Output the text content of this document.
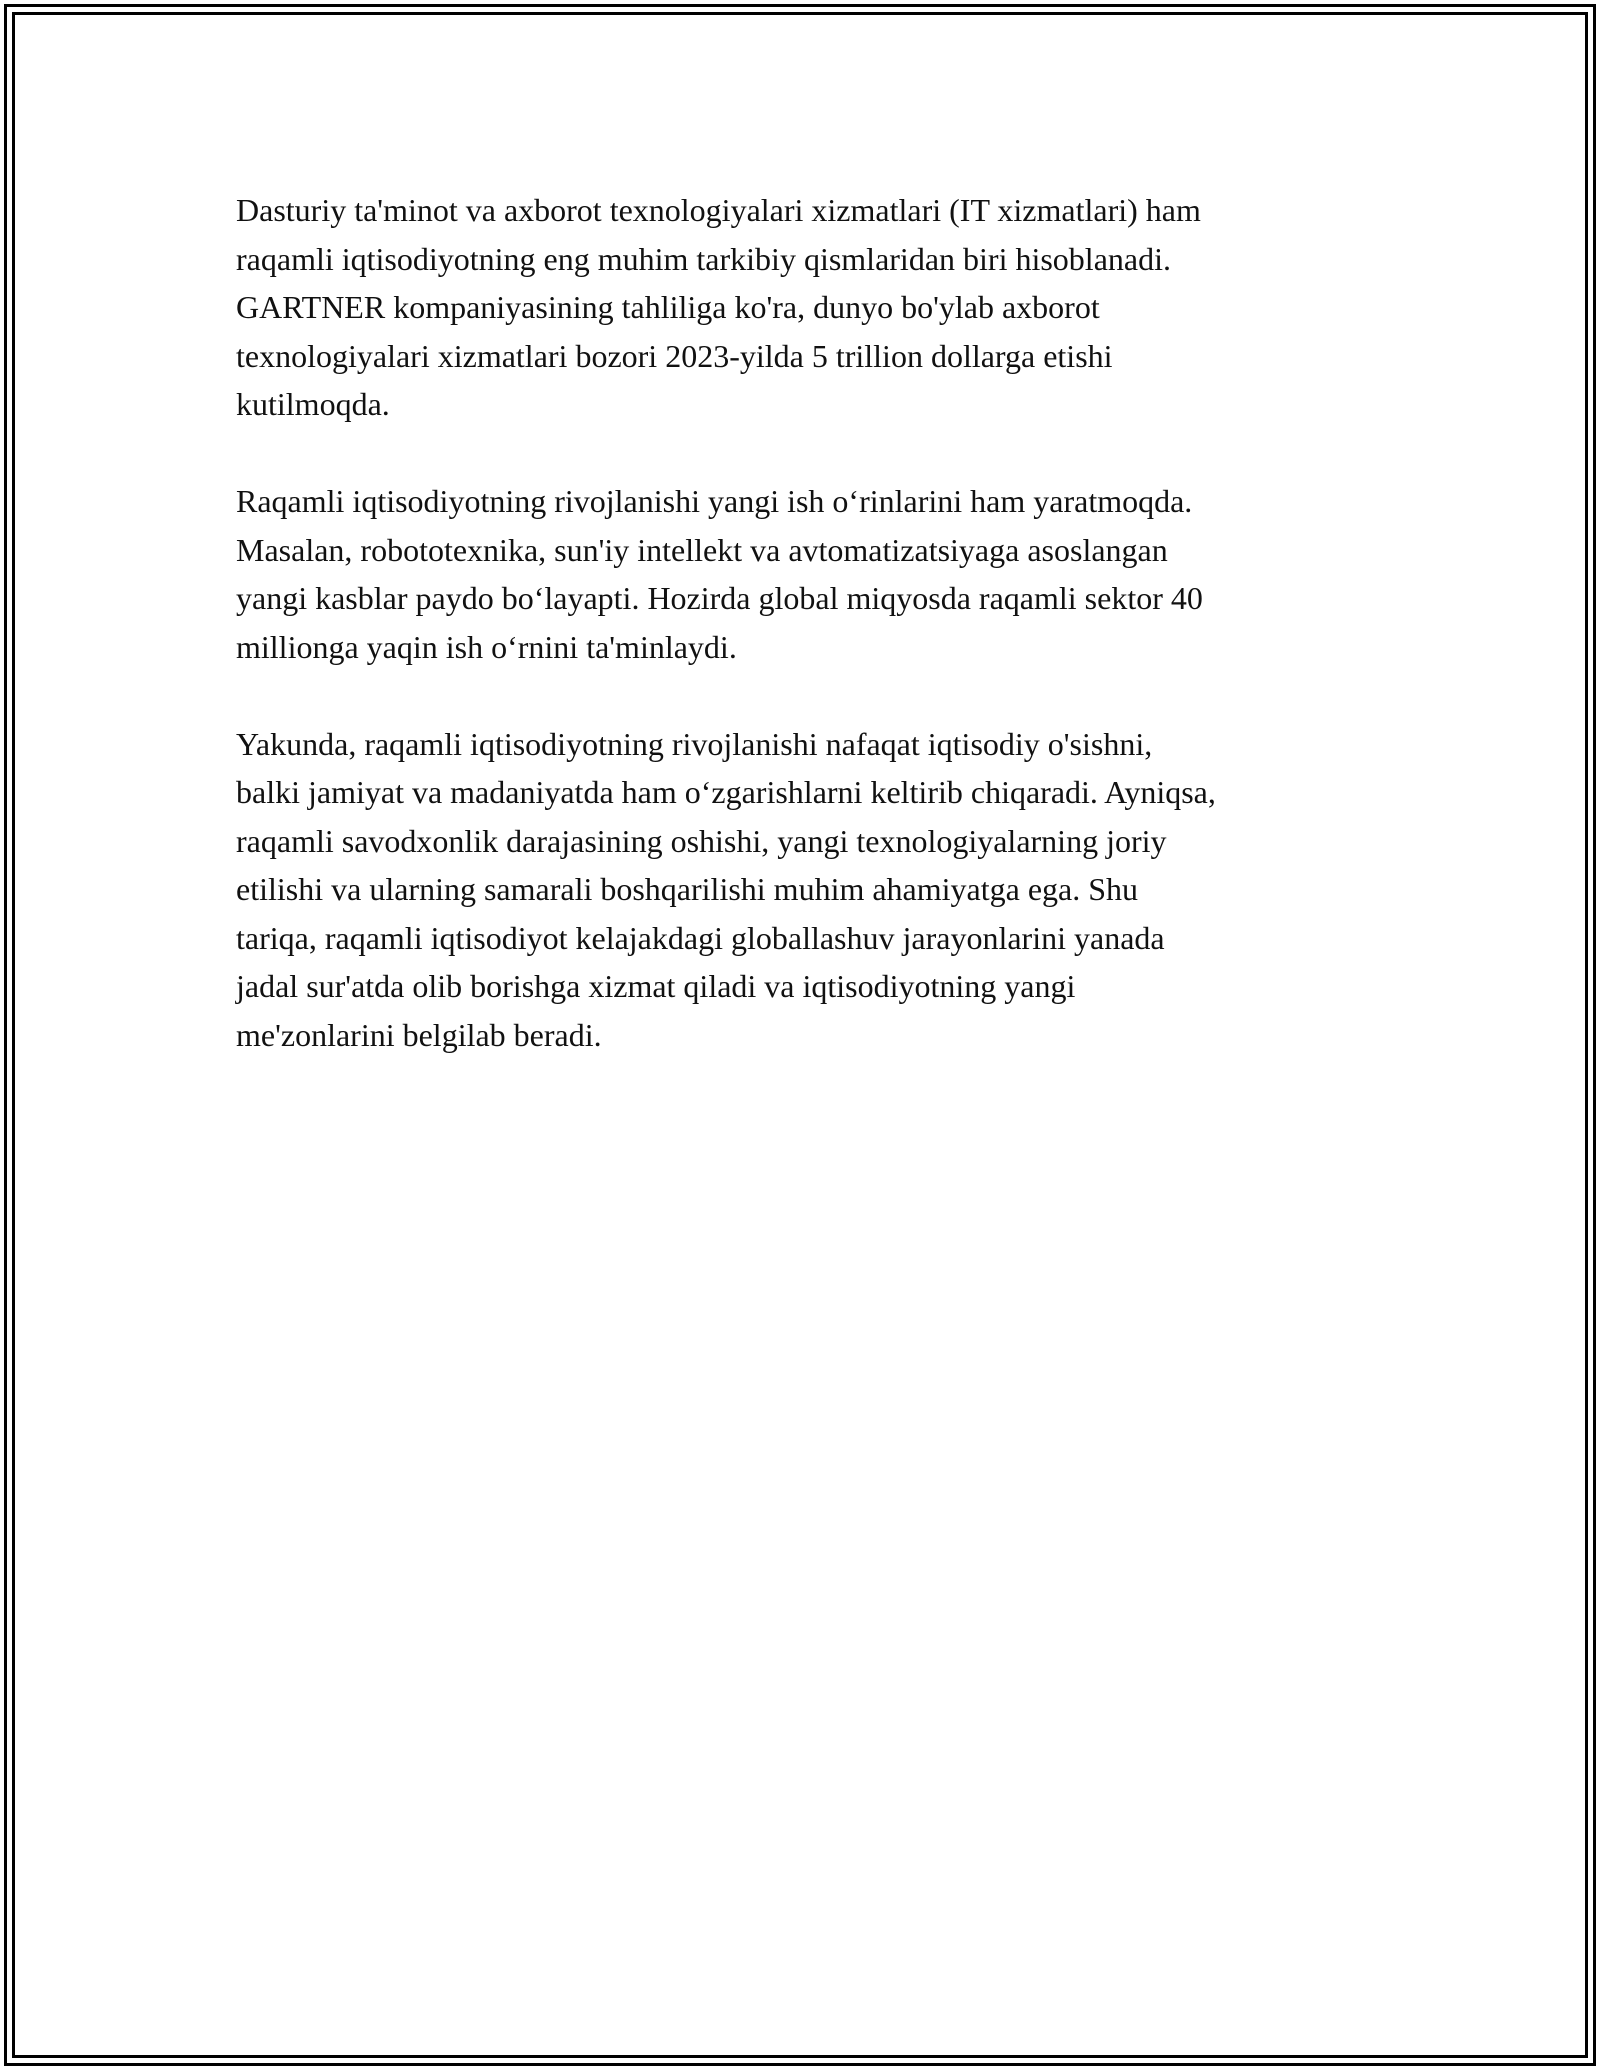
Dasturiy ta'minot va axborot texnologiyalari xizmatlari (IT xizmatlari) ham
raqamli iqtisodiyotning eng muhim tarkibiy qismlaridan biri hisoblanadi.
GARTNER kompaniyasining tahliliga ko'ra, dunyo bo'ylab axborot
texnologiyalari xizmatlari bozori 2023-yilda 5 trillion dollarga etishi
kutilmoqda.

Raqamli iqtisodiyotning rivojlanishi yangi ish o‘rinlarini ham yaratmoqda.
Masalan, robototexnika, sun'iy intellekt va avtomatizatsiyaga asoslangan
yangi kasblar paydo bo‘layapti. Hozirda global miqyosda raqamli sektor 40
millionga yaqin ish o‘rnini ta'minlaydi.

Yakunda, raqamli iqtisodiyotning rivojlanishi nafaqat iqtisodiy o'sishni,
balki jamiyat va madaniyatda ham o‘zgarishlarni keltirib chiqaradi. Ayniqsa,
raqamli savodxonlik darajasining oshishi, yangi texnologiyalarning joriy
etilishi va ularning samarali boshqarilishi muhim ahamiyatga ega. Shu
tariqa, raqamli iqtisodiyot kelajakdagi globallashuv jarayonlarini yanada
jadal sur'atda olib borishga xizmat qiladi va iqtisodiyotning yangi
me'zonlarini belgilab beradi.
